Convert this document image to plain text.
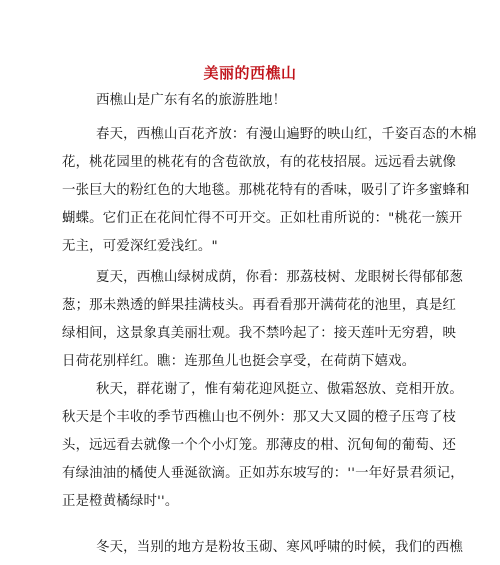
美丽的西樵山
西樵山是广东有名的旅游胜地！
春天，西樵山百花齐放：有漫山遍野的映山红，千姿百态的木棉
花，桃花园里的桃花有的含苞欲放，有的花枝招展。远远看去就像
一张巨大的粉红色的大地毯。那桃花特有的香味，吸引了许多蜜蜂和
蝴蝶。它们正在花间忙得不可开交。正如杜甫所说的："桃花一簇开
无主，可爱深红爱浅红。"
夏天，西樵山绿树成荫，你看：那荔枝树、龙眼树长得郁郁葱
葱；那未熟透的鲜果挂满枝头。再看看那开满荷花的池里，真是红
绿相间，这景象真美丽壮观。我不禁吟起了：接天莲叶无穷碧，映
日荷花别样红。瞧：连那鱼儿也挺会享受，在荷荫下嬉戏。
秋天，群花谢了，惟有菊花迎风挺立、傲霜怒放、竞相开放。
秋天是个丰收的季节西樵山也不例外：那又大又圆的橙子压弯了枝
头，远远看去就像一个个小灯笼。那薄皮的柑、沉甸甸的葡萄、还
有绿油油的橘使人垂涎欲滴。正如苏东坡写的：''一年好景君须记，
正是橙黄橘绿时''。
冬天，当别的地方是粉妆玉砌、寒风呼啸的时候，我们的西樵
